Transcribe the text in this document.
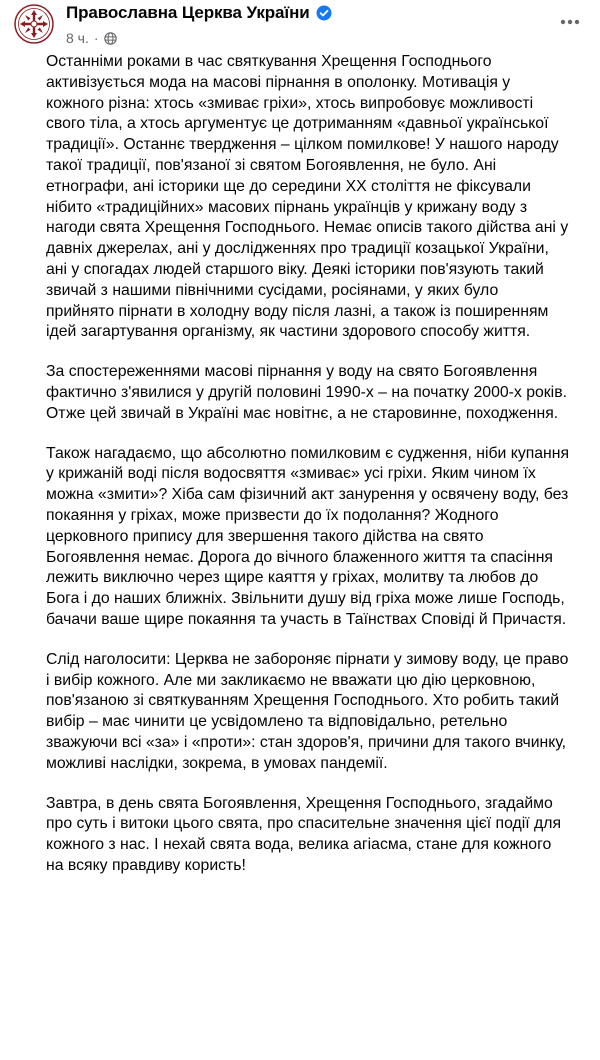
Православна Церква України
8 ч. ·

Останніми роками в час святкування Хрещення Господнього активізується мода на масові пірнання в ополонку. Мотивація у кожного різна: хтось «змиває гріхи», хтось випробовує можливості свого тіла, а хтось аргументує це дотриманням «давньої української традиції». Останнє твердження – цілком помилкове! У нашого народу такої традиції, пов'язаної зі святом Богоявлення, не було. Ані етнографи, ані історики ще до середини ХХ століття не фіксували нібито «традиційних» масових пірнань українців у крижану воду з нагоди свята Хрещення Господнього. Немає описів такого дійства ані у давніх джерелах, ані у дослідженнях про традиції козацької України, ані у спогадах людей старшого віку. Деякі історики пов'язують такий звичай з нашими північними сусідами, росіянами, у яких було прийнято пірнати в холодну воду після лазні, а також із поширенням ідей загартування організму, як частини здорового способу життя.

За спостереженнями масові пірнання у воду на свято Богоявлення фактично з'явилися у другій половині 1990-х – на початку 2000-х років. Отже цей звичай в Україні має новітнє, а не старовинне, походження.

Також нагадаємо, що абсолютно помилковим є судження, ніби купання у крижаній воді після водосвяття «змиває» усі гріхи. Яким чином їх можна «змити»? Хіба сам фізичний акт занурення у освячену воду, без покаяння у гріхах, може призвести до їх подолання? Жодного церковного припису для звершення такого дійства на свято Богоявлення немає. Дорога до вічного блаженного життя та спасіння лежить виключно через щире каяття у гріхах, молитву та любов до Бога і до наших ближніх. Звільнити душу від гріха може лише Господь, бачачи ваше щире покаяння та участь в Таїнствах Сповіді й Причастя.

Слід наголосити: Церква не забороняє пірнати у зимову воду, це право і вибір кожного. Але ми закликаємо не вважати цю дію церковною, пов'язаною зі святкуванням Хрещення Господнього. Хто робить такий вибір – має чинити це усвідомлено та відповідально, ретельно зважуючи всі «за» і «проти»: стан здоров'я, причини для такого вчинку, можливі наслідки, зокрема, в умовах пандемії.

Завтра, в день свята Богоявлення, Хрещення Господнього, згадаймо про суть і витоки цього свята, про спасительне значення цієї події для кожного з нас. І нехай свята вода, велика агіасма, стане для кожного на всяку правдиву користь!
